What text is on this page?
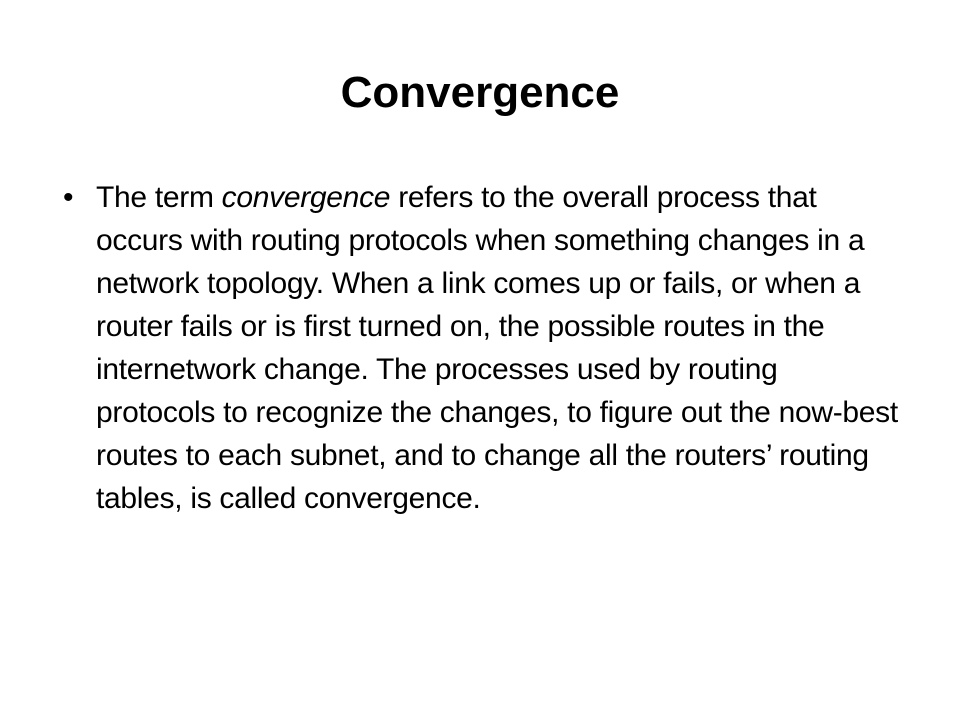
Convergence
• The term convergence refers to the overall process that occurs with routing protocols when something changes in a network topology. When a link comes up or fails, or when a router fails or is first turned on, the possible routes in the internetwork change. The processes used by routing protocols to recognize the changes, to figure out the now-best routes to each subnet, and to change all the routers’ routing tables, is called convergence.
